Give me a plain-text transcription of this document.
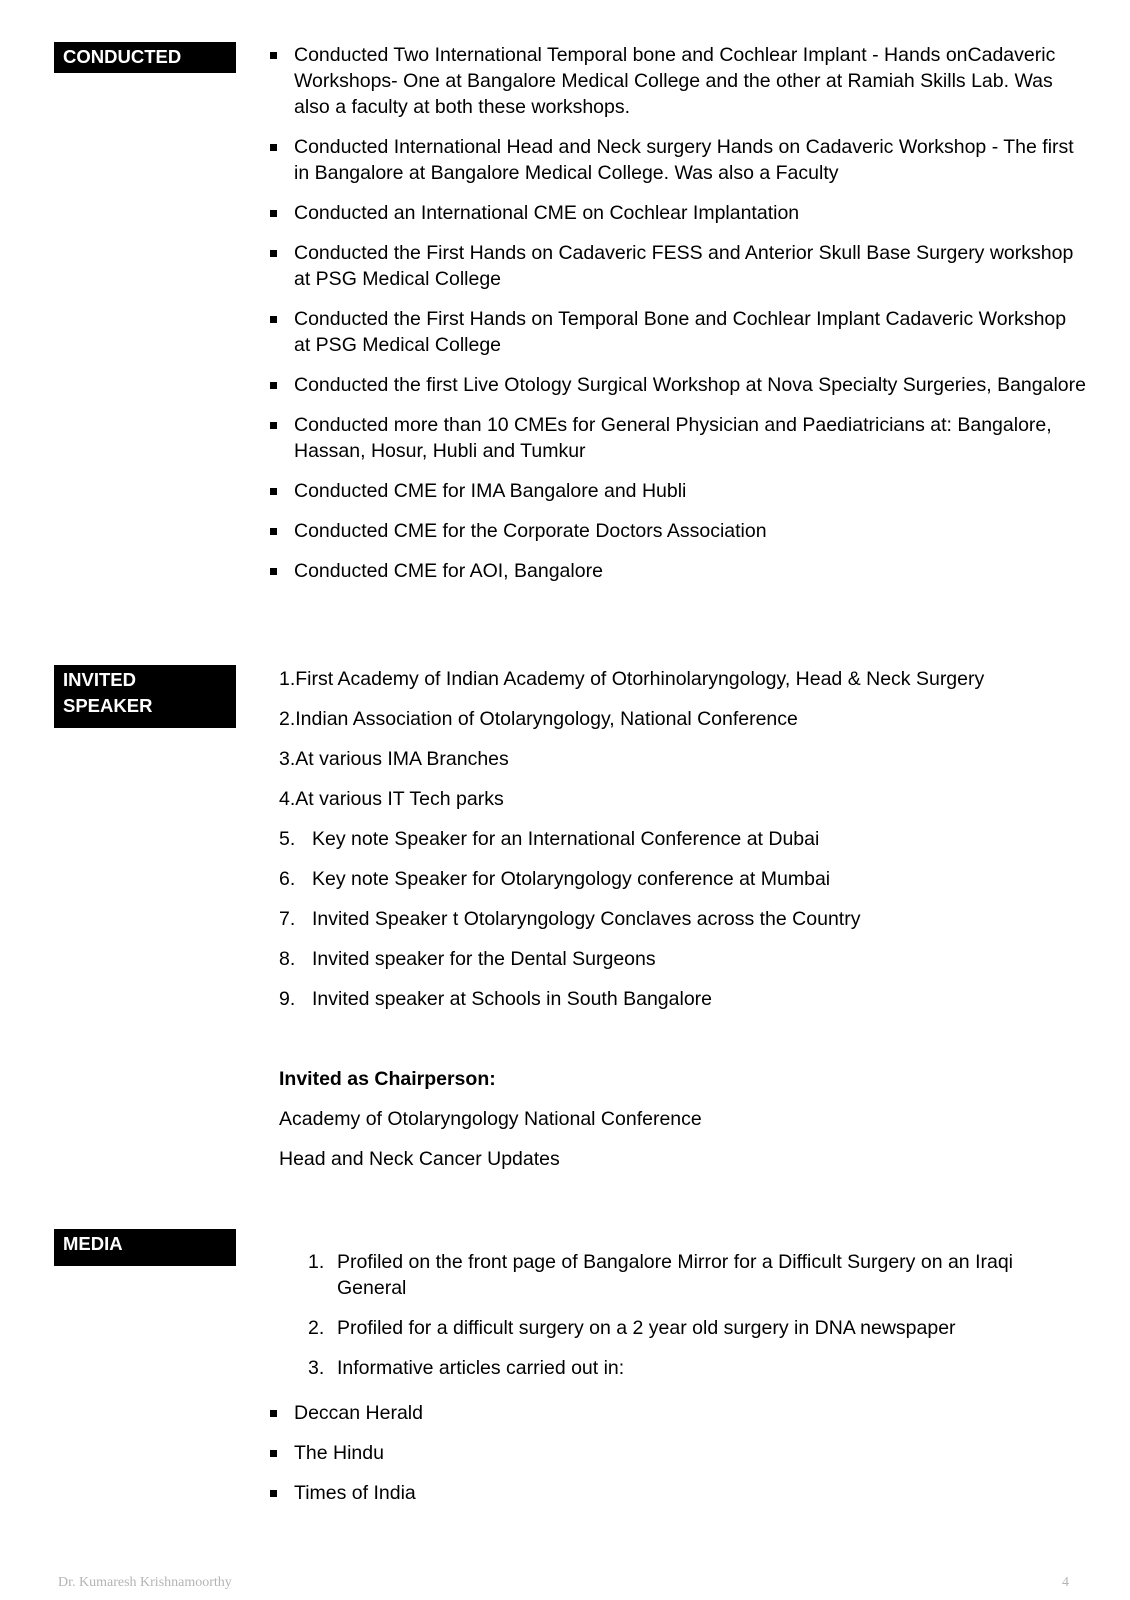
CONDUCTED	Conducted Two International Temporal bone and Cochlear Implant - Hands onCadaveric Workshops- One at Bangalore Medical College and the other at Ramiah Skills Lab. Was also a faculty at both these workshops.
Conducted International Head and Neck surgery Hands on Cadaveric Workshop - The first in Bangalore at Bangalore Medical College. Was also a Faculty
Conducted an International CME on Cochlear Implantation
Conducted the First Hands on Cadaveric FESS and Anterior Skull Base Surgery workshop at PSG Medical College
Conducted the First Hands on Temporal Bone and Cochlear Implant Cadaveric Workshop at PSG Medical College
Conducted the first Live Otology Surgical Workshop at Nova Specialty Surgeries, Bangalore
Conducted more than 10 CMEs for General Physician and Paediatricians at: Bangalore, Hassan, Hosur, Hubli and Tumkur
Conducted CME for IMA Bangalore and Hubli
Conducted CME for the Corporate Doctors Association
Conducted CME for AOI, Bangalore
INVITED
SPEAKER
1.First Academy of Indian Academy of Otorhinolaryngology, Head & Neck Surgery
2.Indian Association of Otolaryngology, National Conference
3.At various IMA Branches
4.At various IT Tech parks
5. Key note Speaker for an International Conference at Dubai
6. Key note Speaker for Otolaryngology conference at Mumbai
7. Invited Speaker t Otolaryngology Conclaves across the Country
8. Invited speaker for the Dental Surgeons
9. Invited speaker at Schools in South Bangalore
Invited as Chairperson:
Academy of Otolaryngology National Conference
Head and Neck Cancer Updates
MEDIA
1. Profiled on the front page of Bangalore Mirror for a Difficult Surgery on an Iraqi General
2. Profiled for a difficult surgery on a 2 year old surgery in DNA newspaper
3. Informative articles carried out in:
Deccan Herald
The Hindu
Times of India
Dr. Kumaresh Krishnamoorthy	4
